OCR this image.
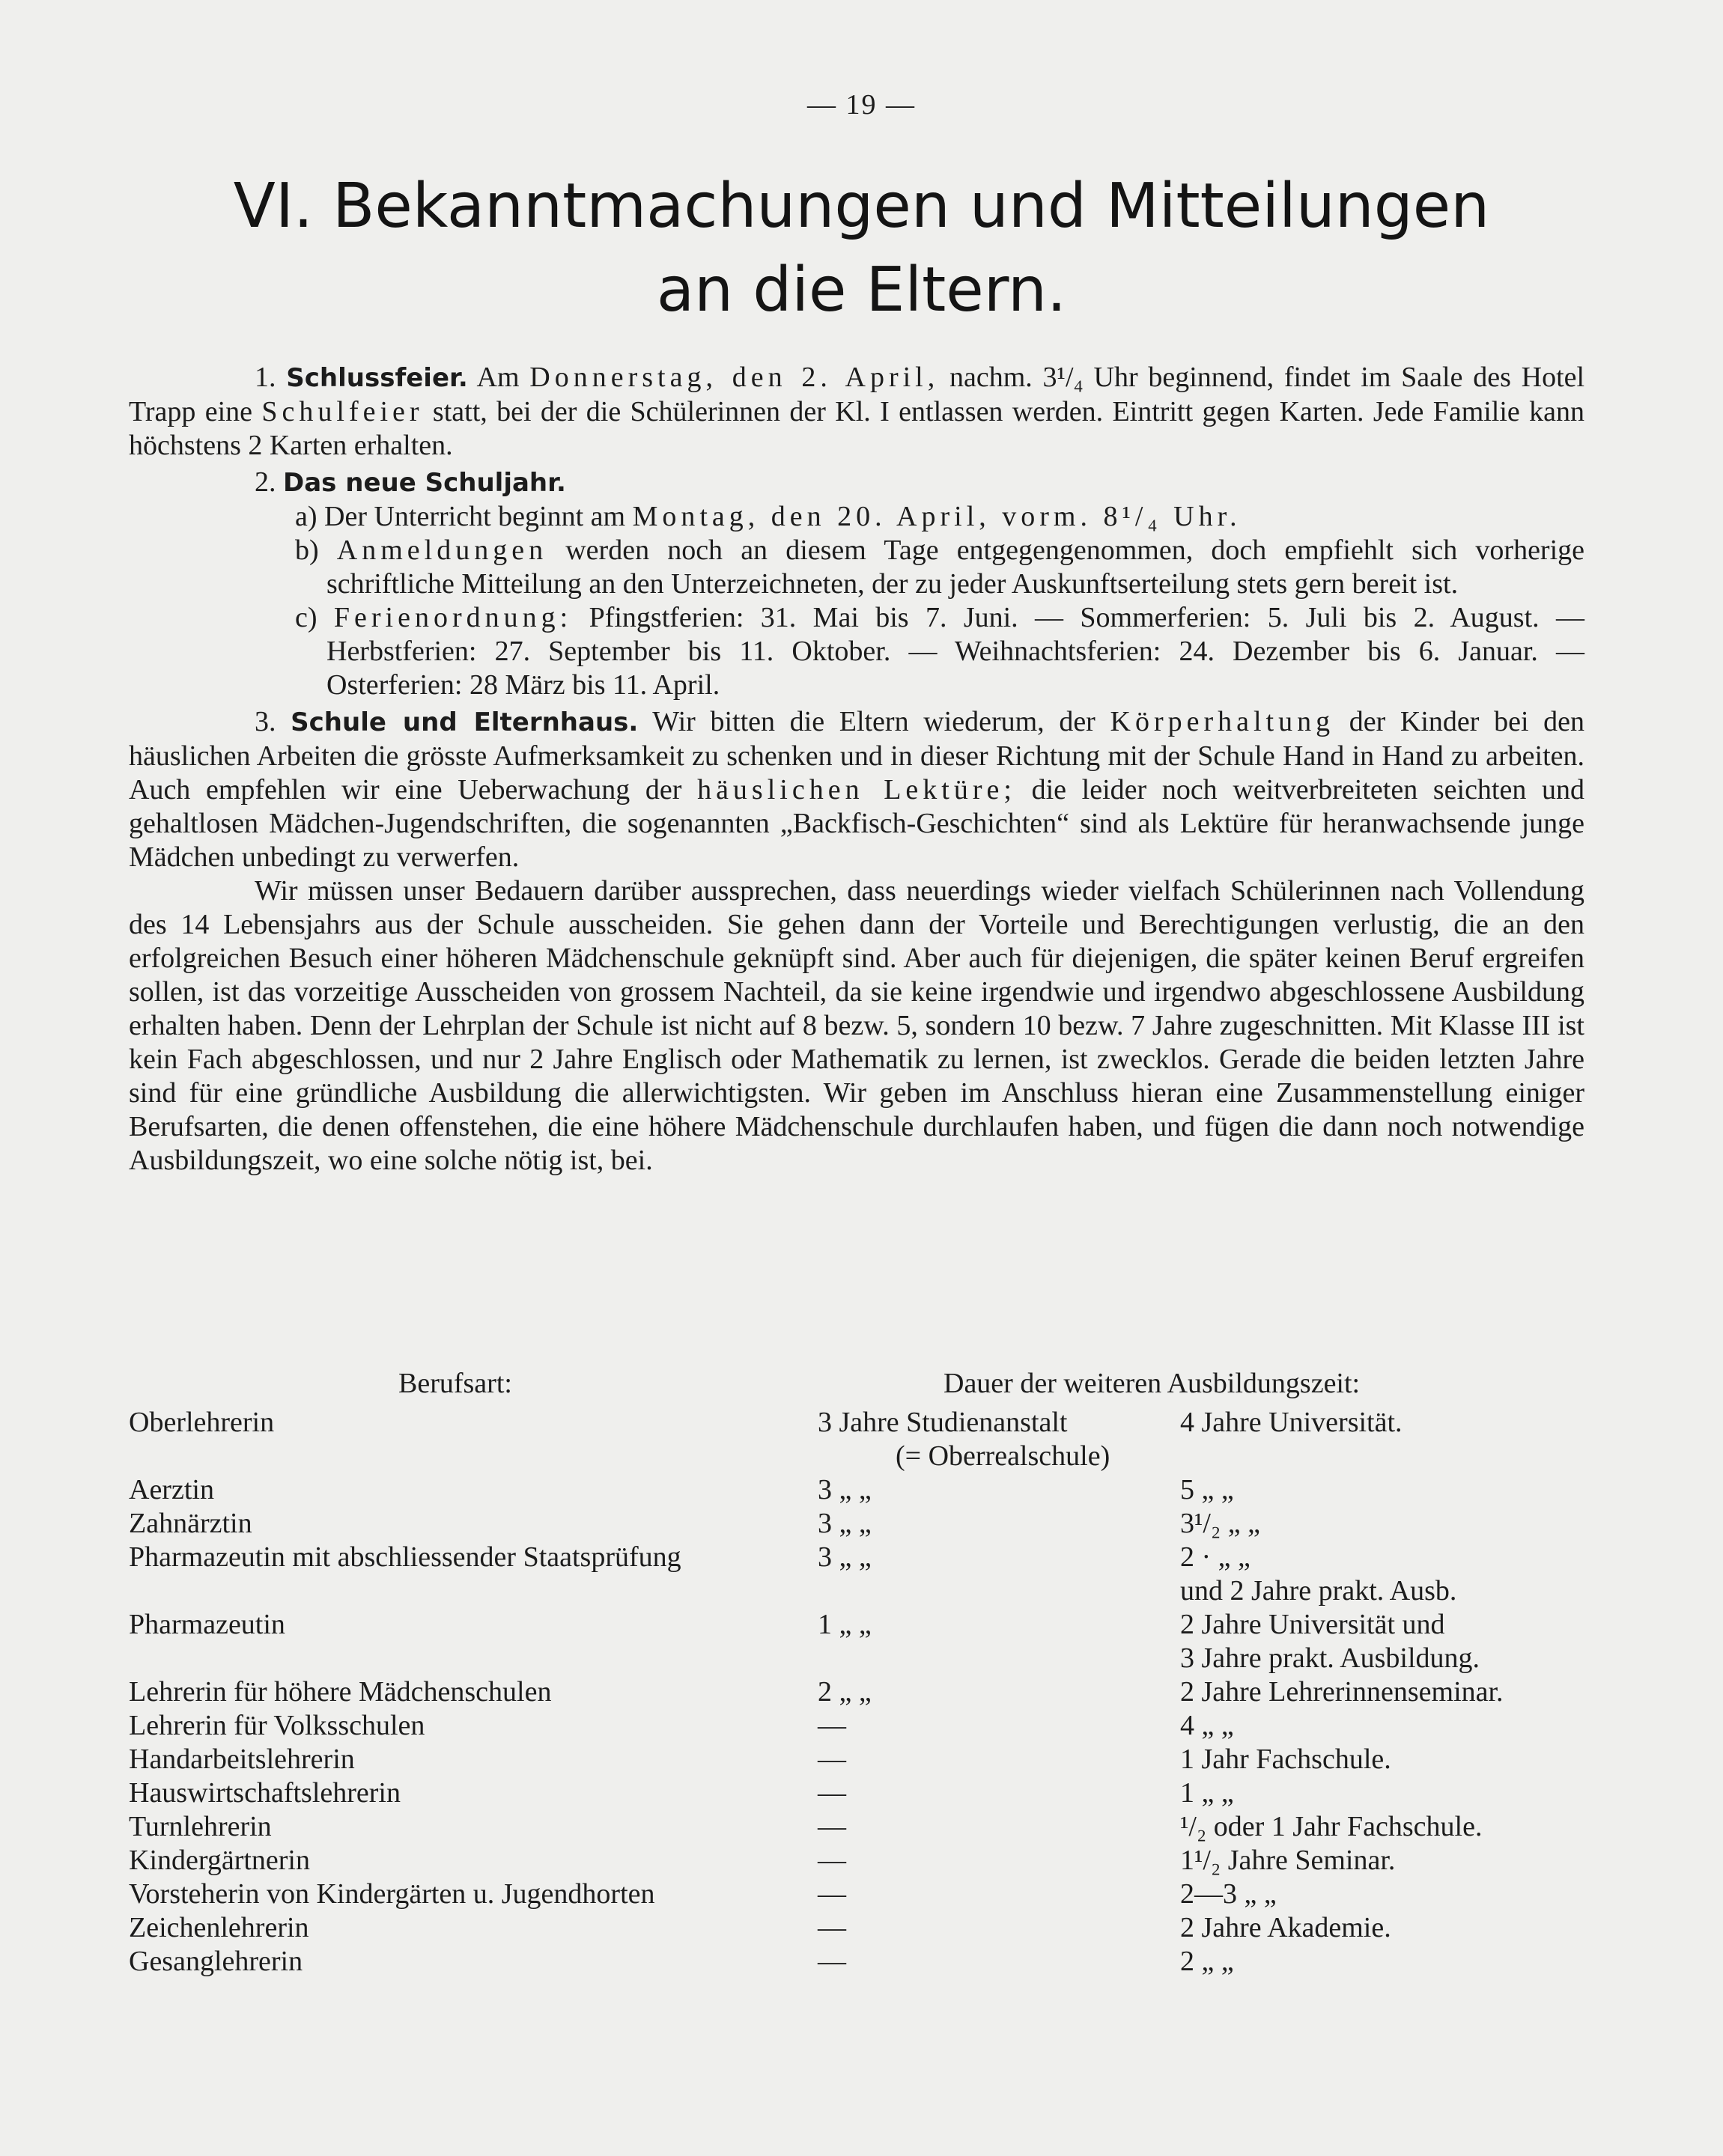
— 19 —
VI. Bekanntmachungen und Mitteilungen
an die Eltern.

1. Schlussfeier. Am Donnerstag, den 2. April, nachm. 3¹/₄ Uhr beginnend, findet im Saale des Hotel Trapp eine Schulfeier statt, bei der die Schülerinnen der Kl. I entlassen werden. Eintritt gegen Karten. Jede Familie kann höchstens 2 Karten erhalten.

2. Das neue Schuljahr.

a) Der Unterricht beginnt am Montag, den 20. April, vorm. 8¹/₄ Uhr.

b) Anmeldungen werden noch an diesem Tage entgegengenommen, doch empfiehlt sich vorherige schriftliche Mitteilung an den Unterzeichneten, der zu jeder Auskunftserteilung stets gern bereit ist.

c) Ferienordnung: Pfingstferien: 31. Mai bis 7. Juni. — Sommerferien: 5. Juli bis 2. August. — Herbstferien: 27. September bis 11. Oktober. — Weihnachtsferien: 24. Dezember bis 6. Januar. — Osterferien: 28 März bis 11. April.

3. Schule und Elternhaus. Wir bitten die Eltern wiederum, der Körperhaltung der Kinder bei den häuslichen Arbeiten die grösste Aufmerksamkeit zu schenken und in dieser Richtung mit der Schule Hand in Hand zu arbeiten. Auch empfehlen wir eine Ueberwachung der häuslichen Lektüre; die leider noch weitverbreiteten seichten und gehaltlosen Mädchen-Jugendschriften, die sogenannten „Backfisch-Geschichten“ sind als Lektüre für heranwachsende junge Mädchen unbedingt zu verwerfen.

Wir müssen unser Bedauern darüber aussprechen, dass neuerdings wieder vielfach Schülerinnen nach Vollendung des 14 Lebensjahrs aus der Schule ausscheiden. Sie gehen dann der Vorteile und Berechtigungen verlustig, die an den erfolgreichen Besuch einer höheren Mädchenschule geknüpft sind. Aber auch für diejenigen, die später keinen Beruf ergreifen sollen, ist das vorzeitige Ausscheiden von grossem Nachteil, da sie keine irgendwie und irgendwo abgeschlossene Ausbildung erhalten haben. Denn der Lehrplan der Schule ist nicht auf 8 bezw. 5, sondern 10 bezw. 7 Jahre zugeschnitten. Mit Klasse III ist kein Fach abgeschlossen, und nur 2 Jahre Englisch oder Mathematik zu lernen, ist zwecklos. Gerade die beiden letzten Jahre sind für eine gründliche Ausbildung die allerwichtigsten. Wir geben im Anschluss hieran eine Zusammenstellung einiger Berufsarten, die denen offenstehen, die eine höhere Mädchenschule durchlaufen haben, und fügen die dann noch notwendige Ausbildungszeit, wo eine solche nötig ist, bei.

Berufsart:	Dauer der weiteren Ausbildungszeit:
Oberlehrerin	3 Jahre Studienanstalt	4 Jahre Universität.
(= Oberrealschule)
Aerztin	3 „ „	5 „ „
Zahnärztin	3 „ „	3¹/₂ „ „
Pharmazeutin mit abschliessender Staatsprüfung	3 „ „	2 · „ „
und 2 Jahre prakt. Ausb.
Pharmazeutin	1 „ „	2 Jahre Universität und
3 Jahre prakt. Ausbildung.
Lehrerin für höhere Mädchenschulen	2 „ „	2 Jahre Lehrerinnenseminar.
Lehrerin für Volksschulen	—	4 „ „
Handarbeitslehrerin	—	1 Jahr Fachschule.
Hauswirtschaftslehrerin	—	1 „ „
Turnlehrerin	—	¹/₂ oder 1 Jahr Fachschule.
Kindergärtnerin	—	1¹/₂ Jahre Seminar.
Vorsteherin von Kindergärten u. Jugendhorten	—	2—3 „ „
Zeichenlehrerin	—	2 Jahre Akademie.
Gesanglehrerin	—	2 „ „
